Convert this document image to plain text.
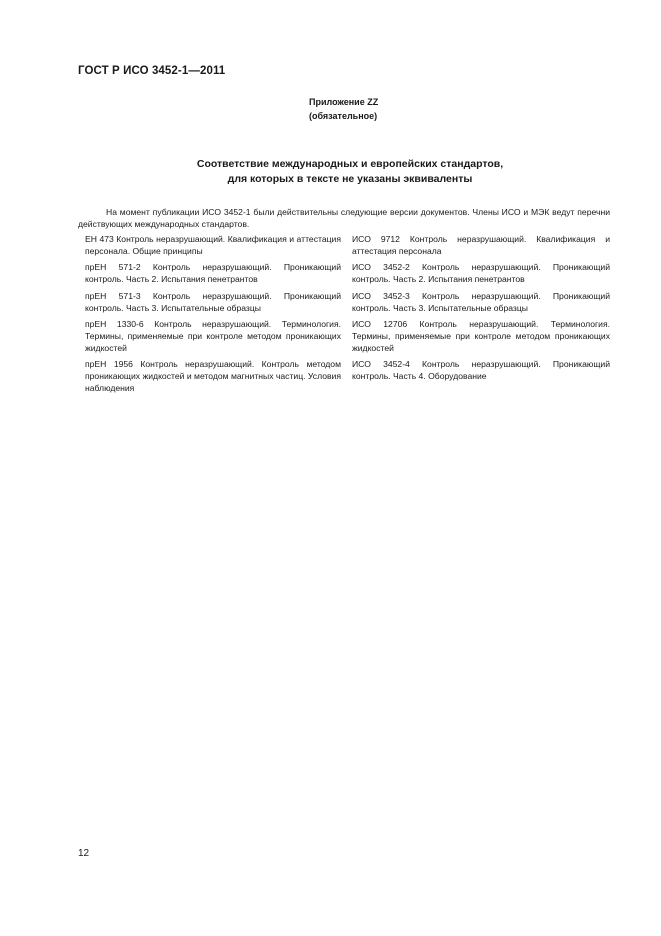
ГОСТ Р ИСО 3452-1—2011
Приложение ZZ
(обязательное)
Соответствие международных и европейских стандартов,
для которых в тексте не указаны эквиваленты

На момент публикации ИСО 3452-1 были действительны следующие версии документов. Члены ИСО и МЭК ведут перечни действующих международных стандартов.

ЕН 473 Контроль неразрушающий. Квалификация и аттестация персонала. Общие принципы
ИСО 9712 Контроль неразрушающий. Квалификация и аттестация персонала
прЕН 571-2 Контроль неразрушающий. Проникающий контроль. Часть 2. Испытания пенетрантов
ИСО 3452-2 Контроль неразрушающий. Проникающий контроль. Часть 2. Испытания пенетрантов
прЕН 571-3 Контроль неразрушающий. Проникающий контроль. Часть 3. Испытательные образцы
ИСО 3452-3 Контроль неразрушающий. Проникающий контроль. Часть 3. Испытательные образцы
прЕН 1330-6 Контроль неразрушающий. Терминология. Термины, применяемые при контроле методом проникающих жидкостей
ИСО 12706 Контроль неразрушающий. Терминология. Термины, применяемые при контроле методом проникающих жидкостей
прЕН 1956 Контроль неразрушающий. Контроль методом проникающих жидкостей и методом магнитных частиц. Условия наблюдения
ИСО 3452-4 Контроль неразрушающий. Проникающий контроль. Часть 4. Оборудование
12
